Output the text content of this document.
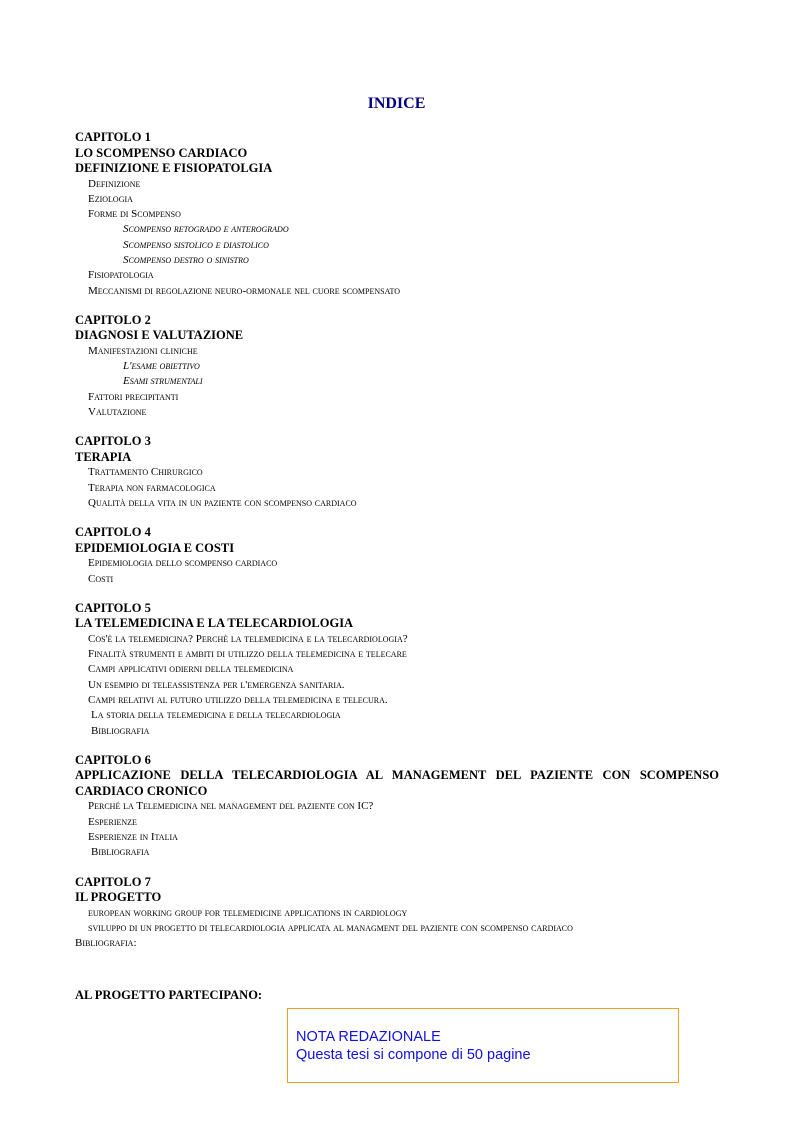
INDICE
CAPITOLO 1
LO SCOMPENSO CARDIACO
DEFINIZIONE E FISIOPATOLGIA
Definizione
Eziologia
Forme di Scompenso
Scompenso retogrado e anterogrado
Scompenso sistolico e diastolico
Scompenso destro o sinistro
Fisiopatologia
Meccanismi di regolazione neuro-ormonale nel cuore scompensato
CAPITOLO 2
DIAGNOSI E VALUTAZIONE
Manifestazioni cliniche
L'esame obiettivo
Esami strumentali
Fattori precipitanti
Valutazione
CAPITOLO 3
TERAPIA
Trattamento Chirurgico
Terapia non farmacologica
Qualità della vita in un paziente con scompenso cardiaco
CAPITOLO 4
EPIDEMIOLOGIA E COSTI
Epidemiologia dello scompenso cardiaco
Costi
CAPITOLO 5
LA TELEMEDICINA E LA TELECARDIOLOGIA
Cos'è la telemedicina? Perchè la telemedicina e la telecardiologia?
Finalità strumenti e ambiti di utilizzo della telemedicina e telecare
Campi applicativi odierni della telemedicina
Un esempio di teleassistenza per l'emergenza sanitaria.
Campi relativi al futuro utilizzo della telemedicina e telecura.
La storia della telemedicina e della telecardiologia
Bibliografia
CAPITOLO 6
APPLICAZIONE DELLA TELECARDIOLOGIA AL MANAGEMENT DEL PAZIENTE CON SCOMPENSO CARDIACO CRONICO
Perché la Telemedicina nel management del paziente con IC?
Esperienze
Esperienze in Italia
Bibliografia
CAPITOLO 7
IL PROGETTO
european working group for telemedicine applications in cardiology
sviluppo di un progetto di telecardiologia applicata al managment del paziente con scompenso cardiaco
Bibliografia:
AL PROGETTO PARTECIPANO:
NOTA REDAZIONALE
Questa tesi si compone di 50 pagine
